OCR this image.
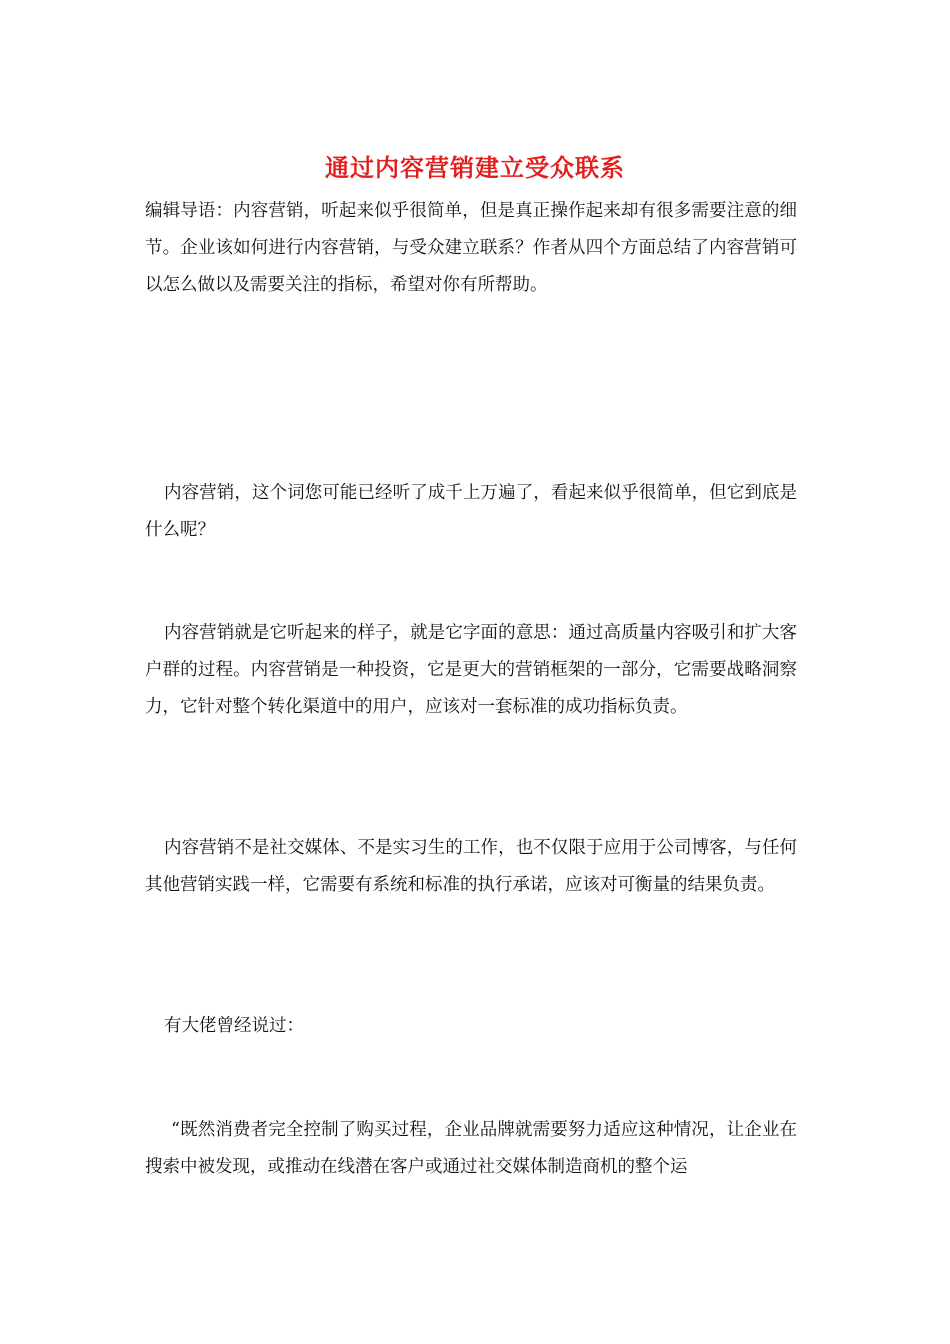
通过内容营销建立受众联系
编辑导语：内容营销，听起来似乎很简单，但是真正操作起来却有很多需要注意的细节。企业该如何进行内容营销，与受众建立联系？作者从四个方面总结了内容营销可以怎么做以及需要关注的指标，希望对你有所帮助。
内容营销，这个词您可能已经听了成千上万遍了，看起来似乎很简单，但它到底是什么呢？
内容营销就是它听起来的样子，就是它字面的意思：通过高质量内容吸引和扩大客户群的过程。内容营销是一种投资，它是更大的营销框架的一部分，它需要战略洞察力，它针对整个转化渠道中的用户，应该对一套标准的成功指标负责。
内容营销不是社交媒体、不是实习生的工作，也不仅限于应用于公司博客，与任何其他营销实践一样，它需要有系统和标准的执行承诺，应该对可衡量的结果负责。
有大佬曾经说过：
“既然消费者完全控制了购买过程，企业品牌就需要努力适应这种情况，让企业在搜索中被发现，或推动在线潜在客户或通过社交媒体制造商机的整个运
